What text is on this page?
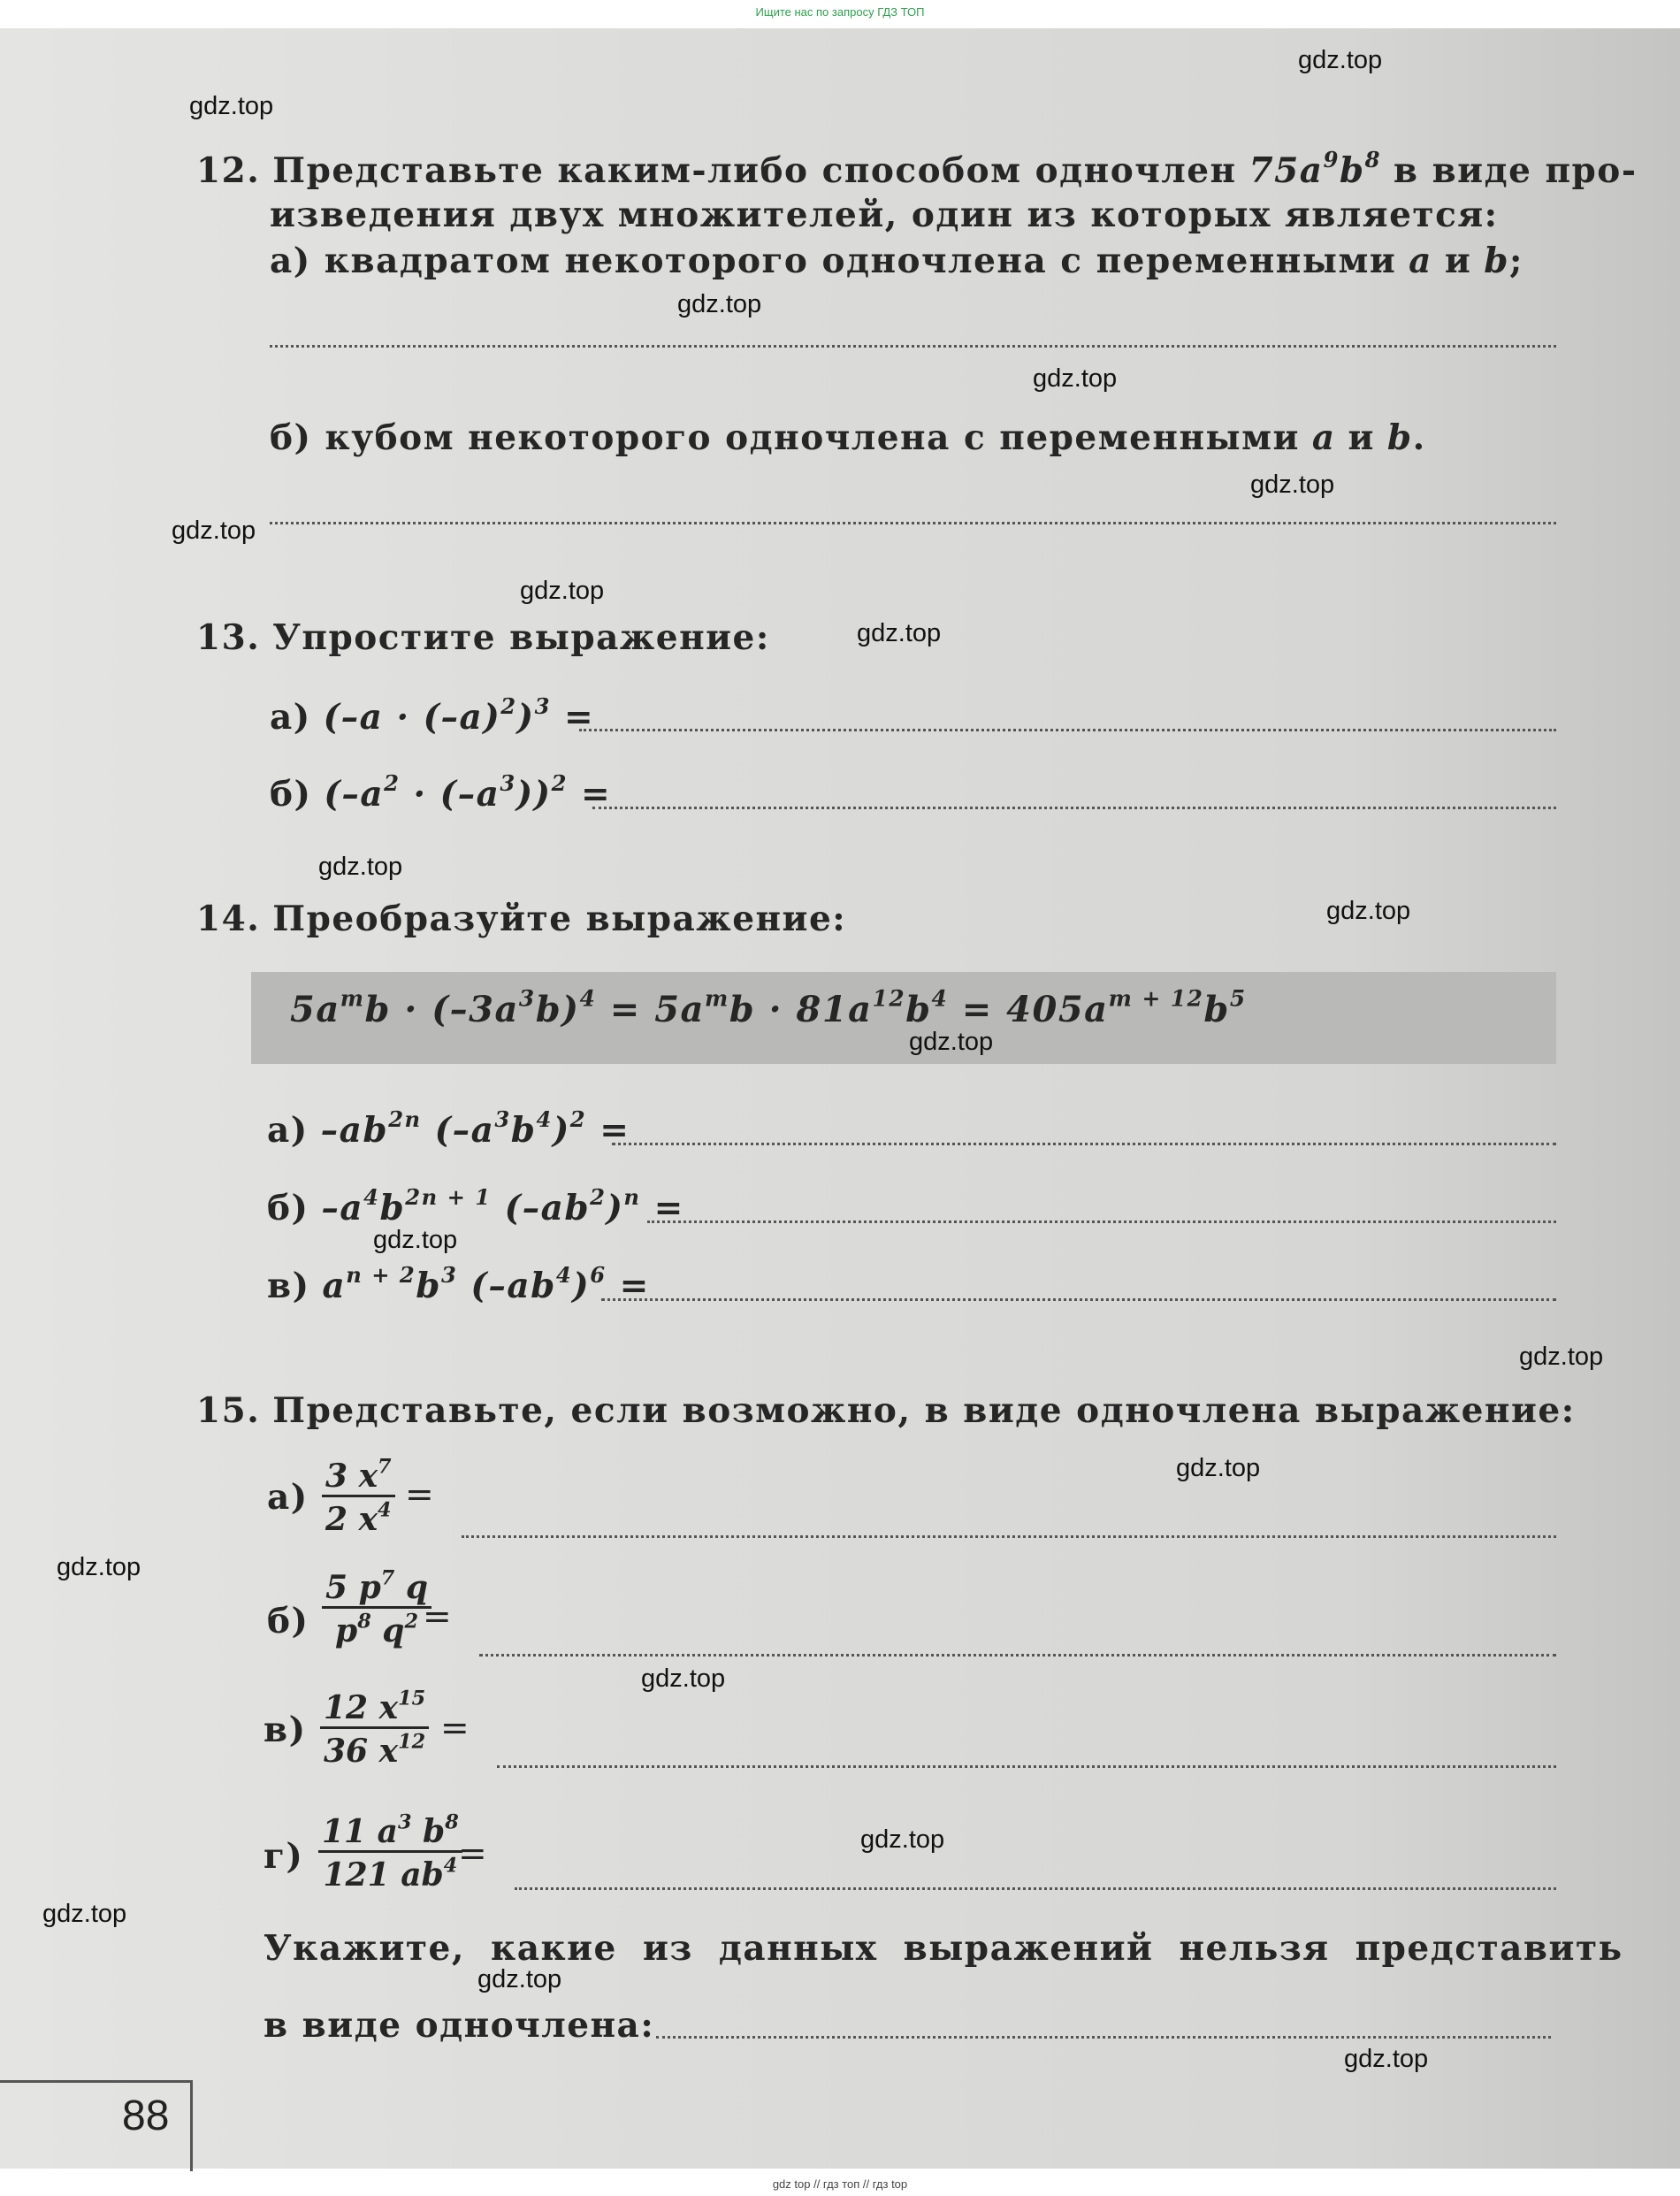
Ищите нас по запросу ГДЗ ТОП
12. Представьте каким-либо способом одночлен $75a^9b^8$ в виде про-
изведения двух множителей, один из которых является:
а) квадратом некоторого одночлена с переменными a и b;
б) кубом некоторого одночлена с переменными a и b.
13. Упростите выражение:
а) $(-a \cdot (-a)^2)^3$ =
б) $(-a^2 \cdot (-a^3))^2$ =
14. Преобразуйте выражение:
$5a^mb \cdot (-3a^3b)^4 = 5a^mb \cdot 81a^{12}b^4 = 405a^{m + 12}b^5$
а) $-ab^{2n}$ $(-a^3b^4)^2$ =
б) $-a^4b^{2n + 1}$ $(-ab^2)^n$ =
в) $a^{n + 2}b^3$ $(-ab^4)^6$ =
15. Представьте, если возможно, в виде одночлена выражение:
$а) \frac{3 x^7}{2 x^4}$ =
$б) \frac{5 p^7 q}{p^8 q^2}$
=
$в) \frac{12 x^{15}}{36 x^{12}}$ =
$г) \frac{11 a^3 b^8}{121 ab^4}$
=
Укажите, какие из данных выражений нельзя представить
в виде одночлена:
88
gdz.top
gdz.top
gdz.top
gdz.top
gdz.top
gdz.top
gdz.top
gdz.top
gdz.top
gdz.top
gdz.top
gdz.top
gdz.top
gdz.top
gdz.top
gdz.top
gdz.top
gdz.top
gdz.top
gdz.top
gdz top // гдз топ // гдз top
